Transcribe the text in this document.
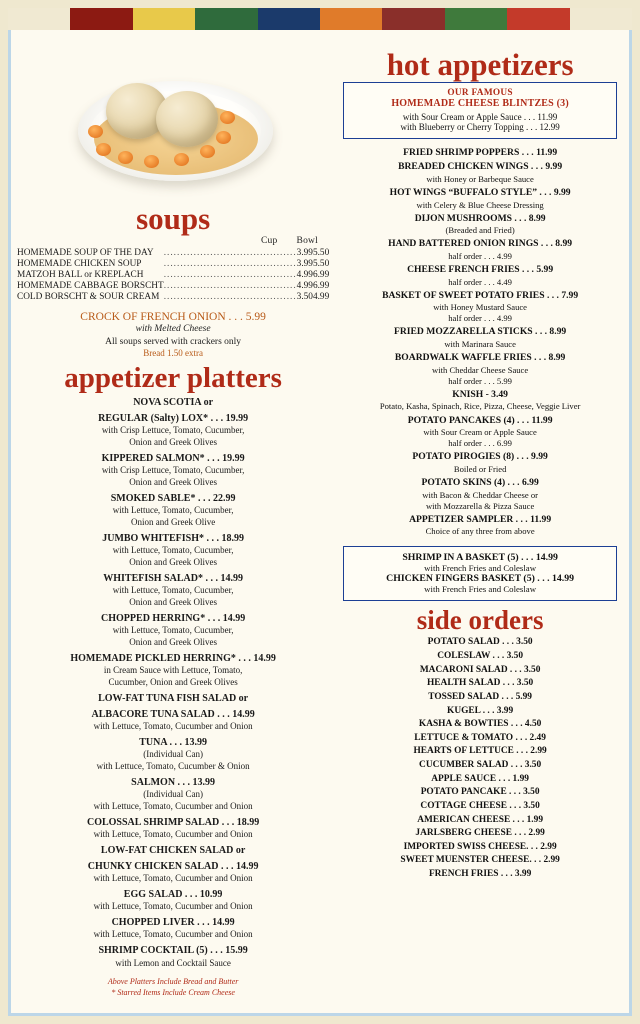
soups
Cup	Bowl
HOMEMADE SOUP OF THE DAY	........................................	3.99	5.50
HOMEMADE CHICKEN SOUP	........................................	3.99	5.50
MATZOH BALL or KREPLACH	........................................	4.99	6.99
HOMEMADE CABBAGE BORSCHT	........................................	4.99	6.99
COLD BORSCHT & SOUR CREAM	........................................	3.50	4.99
CROCK OF FRENCH ONION . . . 5.99
with Melted Cheese
All soups served with crackers only
Bread 1.50 extra
appetizer platters
NOVA SCOTIA or
REGULAR (Salty) LOX* . . . 19.99
with Crisp Lettuce, Tomato, Cucumber,
Onion and Greek Olives
KIPPERED SALMON* . . . 19.99
with Crisp Lettuce, Tomato, Cucumber,
Onion and Greek Olives
SMOKED SABLE* . . . 22.99
with Lettuce, Tomato, Cucumber,
Onion and Greek Olive
JUMBO WHITEFISH* . . . 18.99
with Lettuce, Tomato, Cucumber,
Onion and Greek Olives
WHITEFISH SALAD* . . . 14.99
with Lettuce, Tomato, Cucumber,
Onion and Greek Olives
CHOPPED HERRING* . . . 14.99
with Lettuce, Tomato, Cucumber,
Onion and Greek Olives
HOMEMADE PICKLED HERRING* . . . 14.99
in Cream Sauce with Lettuce, Tomato,
Cucumber, Onion and Greek Olives
LOW-FAT TUNA FISH SALAD or
ALBACORE TUNA SALAD . . . 14.99
with Lettuce, Tomato, Cucumber and Onion
TUNA . . . 13.99
(Individual Can)
with Lettuce, Tomato, Cucumber & Onion
SALMON . . . 13.99
(Individual Can)
with Lettuce, Tomato, Cucumber and Onion
COLOSSAL SHRIMP SALAD . . . 18.99
with Lettuce, Tomato, Cucumber and Onion
LOW-FAT CHICKEN SALAD or
CHUNKY CHICKEN SALAD . . . 14.99
with Lettuce, Tomato, Cucumber and Onion
EGG SALAD . . . 10.99
with Lettuce, Tomato, Cucumber and Onion
CHOPPED LIVER . . . 14.99
with Lettuce, Tomato, Cucumber and Onion
SHRIMP COCKTAIL (5) . . . 15.99
with Lemon and Cocktail Sauce
Above Platters Include Bread and Butter
* Starred Items Include Cream Cheese
hot appetizers
OUR FAMOUS
HOMEMADE CHEESE BLINTZES (3)
with Sour Cream or Apple Sauce . . . 11.99
with Blueberry or Cherry Topping . . . 12.99
FRIED SHRIMP POPPERS . . . 11.99
BREADED CHICKEN WINGS . . . 9.99
with Honey or Barbeque Sauce
HOT WINGS “BUFFALO STYLE” . . . 9.99
with Celery & Blue Cheese Dressing
DIJON MUSHROOMS . . . 8.99
(Breaded and Fried)
HAND BATTERED ONION RINGS . . . 8.99
half order . . . 4.99
CHEESE FRENCH FRIES . . . 5.99
half order . . . 4.49
BASKET OF SWEET POTATO FRIES . . . 7.99
with Honey Mustard Sauce
half order . . . 4.99
FRIED MOZZARELLA STICKS . . . 8.99
with Marinara Sauce
BOARDWALK WAFFLE FRIES . . . 8.99
with Cheddar Cheese Sauce
half order . . . 5.99
KNISH - 3.49
Potato, Kasha, Spinach, Rice, Pizza, Cheese, Veggie Liver
POTATO PANCAKES (4) . . . 11.99
with Sour Cream or Apple Sauce
half order . . . 6.99
POTATO PIROGIES (8) . . . 9.99
Boiled or Fried
POTATO SKINS (4) . . . 6.99
with Bacon & Cheddar Cheese or
with Mozzarella & Pizza Sauce
APPETIZER SAMPLER . . . 11.99
Choice of any three from above
SHRIMP IN A BASKET (5) . . . 14.99
with French Fries and Coleslaw
CHICKEN FINGERS BASKET (5) . . . 14.99
with French Fries and Coleslaw
side orders
POTATO SALAD . . . 3.50
COLESLAW . . . 3.50
MACARONI SALAD . . . 3.50
HEALTH SALAD . . . 3.50
TOSSED SALAD . . . 5.99
KUGEL . . . 3.99
KASHA & BOWTIES . . . 4.50
LETTUCE & TOMATO . . . 2.49
HEARTS OF LETTUCE . . . 2.99
CUCUMBER SALAD . . . 3.50
APPLE SAUCE . . . 1.99
POTATO PANCAKE . . . 3.50
COTTAGE CHEESE . . . 3.50
AMERICAN CHEESE . . . 1.99
JARLSBERG CHEESE . . . 2.99
IMPORTED SWISS CHEESE. . . 2.99
SWEET MUENSTER CHEESE. . . 2.99
FRENCH FRIES . . . 3.99
